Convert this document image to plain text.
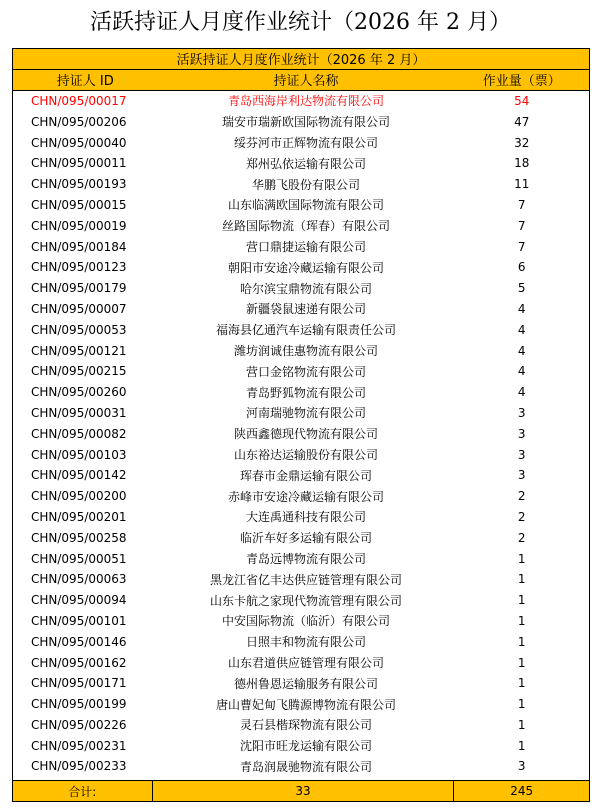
活跃持证人月度作业统计（2026 年 2 月）
活跃持证人月度作业统计（2026 年 2 月）
持证人 ID	持证人名称	作业量（票）
CHN/095/00017	青岛西海岸利达物流有限公司	54
CHN/095/00206	瑞安市瑞新欧国际物流有限公司	47
CHN/095/00040	绥芬河市正辉物流有限公司	32
CHN/095/00011	郑州弘依运输有限公司	18
CHN/095/00193	华鹏飞股份有限公司	11
CHN/095/00015	山东临满欧国际物流有限公司	7
CHN/095/00019	丝路国际物流（珲春）有限公司	7
CHN/095/00184	营口鼎捷运输有限公司	7
CHN/095/00123	朝阳市安途冷藏运输有限公司	6
CHN/095/00179	哈尔滨宝鼎物流有限公司	5
CHN/095/00007	新疆袋鼠速递有限公司	4
CHN/095/00053	福海县亿通汽车运输有限责任公司	4
CHN/095/00121	潍坊润诚佳惠物流有限公司	4
CHN/095/00215	营口金铭物流有限公司	4
CHN/095/00260	青岛野狐物流有限公司	4
CHN/095/00031	河南瑞驰物流有限公司	3
CHN/095/00082	陕西鑫德现代物流有限公司	3
CHN/095/00103	山东裕达运输股份有限公司	3
CHN/095/00142	珲春市金鼎运输有限公司	3
CHN/095/00200	赤峰市安途冷藏运输有限公司	2
CHN/095/00201	大连禹通科技有限公司	2
CHN/095/00258	临沂车好多运输有限公司	2
CHN/095/00051	青岛远博物流有限公司	1
CHN/095/00063	黑龙江省亿丰达供应链管理有限公司	1
CHN/095/00094	山东卡航之家现代物流管理有限公司	1
CHN/095/00101	中安国际物流（临沂）有限公司	1
CHN/095/00146	日照丰和物流有限公司	1
CHN/095/00162	山东君道供应链管理有限公司	1
CHN/095/00171	德州鲁恩运输服务有限公司	1
CHN/095/00199	唐山曹妃甸飞腾源博物流有限公司	1
CHN/095/00226	灵石县楷琛物流有限公司	1
CHN/095/00231	沈阳市旺龙运输有限公司	1
CHN/095/00233	青岛润晟驰物流有限公司	3
合计:	33	245
